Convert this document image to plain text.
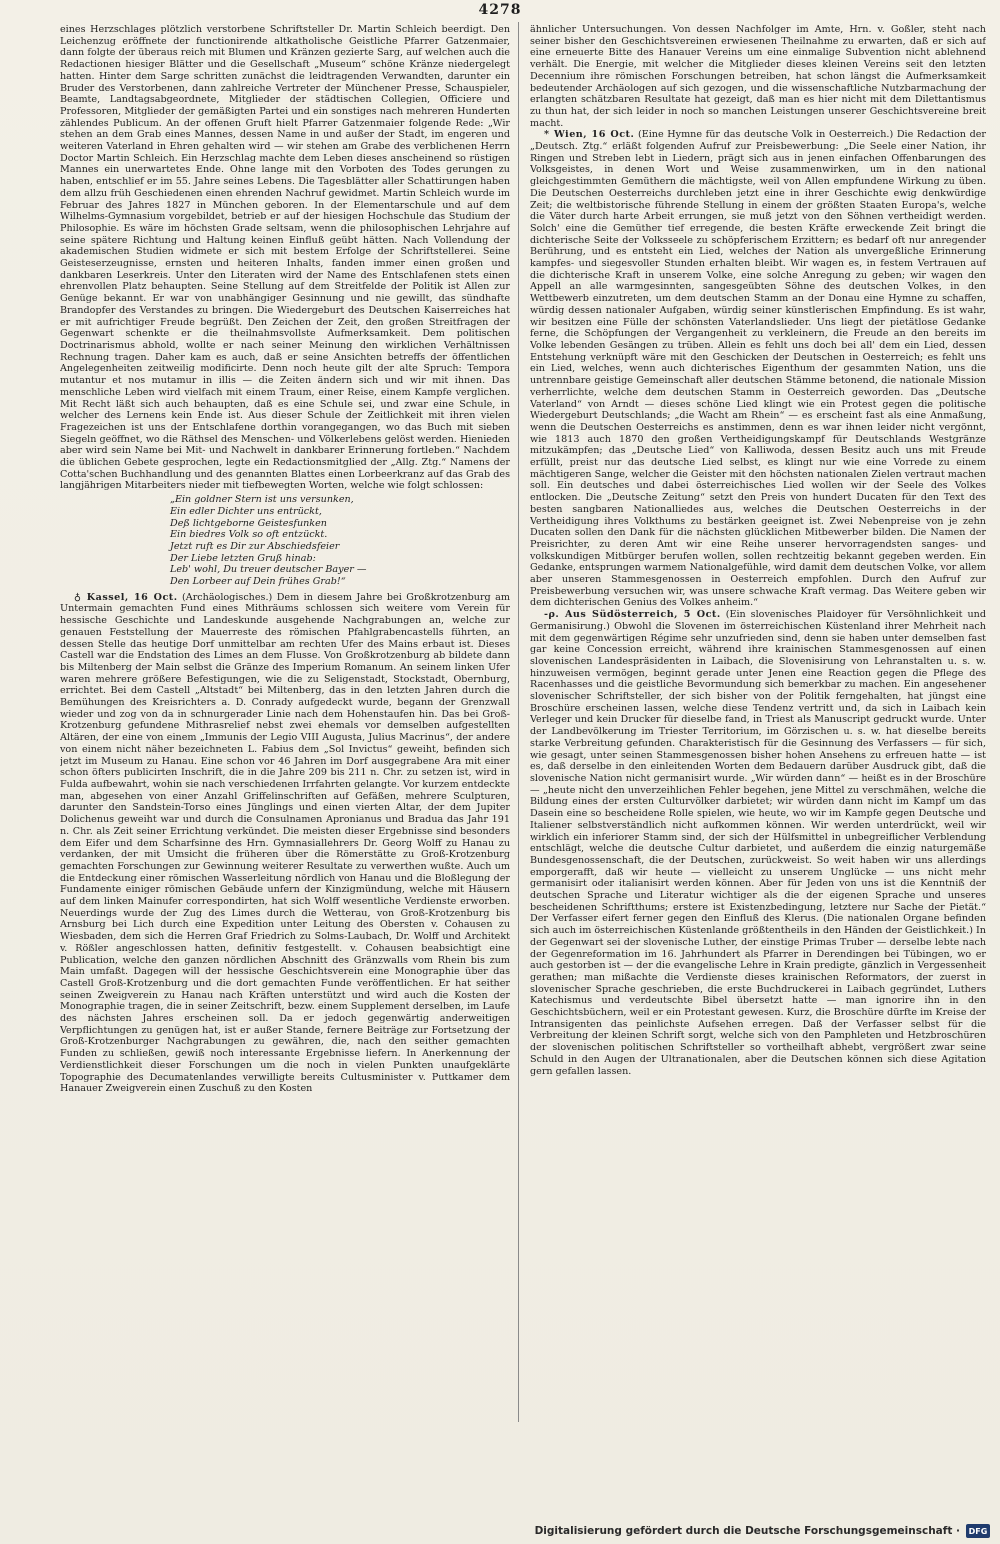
4278

eines Herzschlages plötzlich verstorbene Schriftsteller Dr. Martin Schleich beerdigt. Den Leichenzug eröffnete der functionirende altkatholische Geistliche Pfarrer Gatzenmaier, dann folgte der überaus reich mit Blumen und Kränzen gezierte Sarg, auf welchen auch die Redactionen hiesiger Blätter und die Gesellschaft „Museum“ schöne Kränze niedergelegt hatten. Hinter dem Sarge schritten zunächst die leidtragenden Verwandten, darunter ein Bruder des Verstorbenen, dann zahlreiche Vertreter der Münchener Presse, Schauspieler, Beamte, Landtagsabgeordnete, Mitglieder der städtischen Collegien, Officiere und Professoren, Mitglieder der gemäßigten Partei und ein sonstiges nach mehreren Hunderten zählendes Publicum. An der offenen Gruft hielt Pfarrer Gatzenmaier folgende Rede: „Wir stehen an dem Grab eines Mannes, dessen Name in und außer der Stadt, im engeren und weiteren Vaterland in Ehren gehalten wird — wir stehen am Grabe des verblichenen Herrn Doctor Martin Schleich. Ein Herzschlag machte dem Leben dieses anscheinend so rüstigen Mannes ein unerwartetes Ende. Ohne lange mit den Vorboten des Todes gerungen zu haben, entschlief er im 55. Jahre seines Lebens. Die Tagesblätter aller Schattirungen haben dem allzu früh Geschiedenen einen ehrenden Nachruf gewidmet. Martin Schleich wurde im Februar des Jahres 1827 in München geboren. In der Elementarschule und auf dem Wilhelms-Gymnasium vorgebildet, betrieb er auf der hiesigen Hochschule das Studium der Philosophie. Es wäre im höchsten Grade seltsam, wenn die philosophischen Lehrjahre auf seine spätere Richtung und Haltung keinen Einfluß geübt hätten. Nach Vollendung der akademischen Studien widmete er sich mit bestem Erfolge der Schriftstellerei. Seine Geisteserzeugnisse, ernsten und heiteren Inhalts, fanden immer einen großen und dankbaren Leserkreis. Unter den Literaten wird der Name des Entschlafenen stets einen ehrenvollen Platz behaupten. Seine Stellung auf dem Streitfelde der Politik ist Allen zur Genüge bekannt. Er war von unabhängiger Gesinnung und nie gewillt, das sündhafte Brandopfer des Verstandes zu bringen. Die Wiedergeburt des Deutschen Kaiserreiches hat er mit aufrichtiger Freude begrüßt. Den Zeichen der Zeit, den großen Streitfragen der Gegenwart schenkte er die theilnahmsvollste Aufmerksamkeit. Dem politischen Doctrinarismus abhold, wollte er nach seiner Meinung den wirklichen Verhältnissen Rechnung tragen. Daher kam es auch, daß er seine Ansichten betreffs der öffentlichen Angelegenheiten zeitweilig modificirte. Denn noch heute gilt der alte Spruch: Tempora mutantur et nos mutamur in illis — die Zeiten ändern sich und wir mit ihnen. Das menschliche Leben wird vielfach mit einem Traum, einer Reise, einem Kampfe verglichen. Mit Recht läßt sich auch behaupten, daß es eine Schule sei, und zwar eine Schule, in welcher des Lernens kein Ende ist. Aus dieser Schule der Zeitlichkeit mit ihren vielen Fragezeichen ist uns der Entschlafene dorthin vorangegangen, wo das Buch mit sieben Siegeln geöffnet, wo die Räthsel des Menschen- und Völkerlebens gelöst werden. Hienieden aber wird sein Name bei Mit- und Nachwelt in dankbarer Erinnerung fortleben.“ Nachdem die üblichen Gebete gesprochen, legte ein Redactionsmitglied der „Allg. Ztg.“ Namens der Cotta'schen Buchhandlung und des genannten Blattes einen Lorbeerkranz auf das Grab des langjährigen Mitarbeiters nieder mit tiefbewegten Worten, welche wie folgt schlossen:

„Ein goldner Stern ist uns versunken,
Ein edler Dichter uns entrückt,
Deß lichtgeborne Geistesfunken
Ein biedres Volk so oft entzückt.
Jetzt ruft es Dir zur Abschiedsfeier
Der Liebe letzten Gruß hinab:
Leb' wohl, Du treuer deutscher Bayer —
Den Lorbeer auf Dein frühes Grab!“

♁ Kassel, 16 Oct. (Archäologisches.) Dem in diesem Jahre bei Großkrotzenburg am Untermain gemachten Fund eines Mithräums schlossen sich weitere vom Verein für hessische Geschichte und Landeskunde ausgehende Nachgrabungen an, welche zur genauen Feststellung der Mauerreste des römischen Pfahlgrabencastells führten, an dessen Stelle das heutige Dorf unmittelbar am rechten Ufer des Mains erbaut ist. Dieses Castell war die Endstation des Limes an dem Flusse. Von Großkrotzenburg ab bildete dann bis Miltenberg der Main selbst die Gränze des Imperium Romanum. An seinem linken Ufer waren mehrere größere Befestigungen, wie die zu Seligenstadt, Stockstadt, Obernburg, errichtet. Bei dem Castell „Altstadt“ bei Miltenberg, das in den letzten Jahren durch die Bemühungen des Kreisrichters a. D. Conrady aufgedeckt wurde, begann der Grenzwall wieder und zog von da in schnurgerader Linie nach dem Hohenstaufen hin. Das bei Groß-Krotzenburg gefundene Mithrasrelief nebst zwei ehemals vor demselben aufgestellten Altären, der eine von einem „Immunis der Legio VIII Augusta, Julius Macrinus“, der andere von einem nicht näher bezeichneten L. Fabius dem „Sol Invictus“ geweiht, befinden sich jetzt im Museum zu Hanau. Eine schon vor 46 Jahren im Dorf ausgegrabene Ara mit einer schon öfters publicirten Inschrift, die in die Jahre 209 bis 211 n. Chr. zu setzen ist, wird in Fulda aufbewahrt, wohin sie nach verschiedenen Irrfahrten gelangte. Vor kurzem entdeckte man, abgesehen von einer Anzahl Griffelinschriften auf Gefäßen, mehrere Sculpturen, darunter den Sandstein-Torso eines Jünglings und einen vierten Altar, der dem Jupiter Dolichenus geweiht war und durch die Consulnamen Apronianus und Bradua das Jahr 191 n. Chr. als Zeit seiner Errichtung verkündet. Die meisten dieser Ergebnisse sind besonders dem Eifer und dem Scharfsinne des Hrn. Gymnasiallehrers Dr. Georg Wolff zu Hanau zu verdanken, der mit Umsicht die früheren über die Römerstätte zu Groß-Krotzenburg gemachten Forschungen zur Gewinnung weiterer Resultate zu verwerthen wußte. Auch um die Entdeckung einer römischen Wasserleitung nördlich von Hanau und die Bloßlegung der Fundamente einiger römischen Gebäude unfern der Kinzigmündung, welche mit Häusern auf dem linken Mainufer correspondirten, hat sich Wolff wesentliche Verdienste erworben. Neuerdings wurde der Zug des Limes durch die Wetterau, von Groß-Krotzenburg bis Arnsburg bei Lich durch eine Expedition unter Leitung des Obersten v. Cohausen zu Wiesbaden, dem sich die Herren Graf Friedrich zu Solms-Laubach, Dr. Wolff und Architekt v. Rößler angeschlossen hatten, definitiv festgestellt. v. Cohausen beabsichtigt eine Publication, welche den ganzen nördlichen Abschnitt des Gränzwalls vom Rhein bis zum Main umfaßt. Dagegen will der hessische Geschichtsverein eine Monographie über das Castell Groß-Krotzenburg und die dort gemachten Funde veröffentlichen. Er hat seither seinen Zweigverein zu Hanau nach Kräften unterstützt und wird auch die Kosten der Monographie tragen, die in seiner Zeitschrift, bezw. einem Supplement derselben, im Laufe des nächsten Jahres erscheinen soll. Da er jedoch gegenwärtig anderweitigen Verpflichtungen zu genügen hat, ist er außer Stande, fernere Beiträge zur Fortsetzung der Groß-Krotzenburger Nachgrabungen zu gewähren, die, nach den seither gemachten Funden zu schließen, gewiß noch interessante Ergebnisse liefern. In Anerkennung der Verdienstlichkeit dieser Forschungen um die noch in vielen Punkten unaufgeklärte Topographie des Decumatenlandes verwilligte bereits Cultusminister v. Puttkamer dem Hanauer Zweigverein einen Zuschuß zu den Kosten

ähnlicher Untersuchungen. Von dessen Nachfolger im Amte, Hrn. v. Goßler, steht nach seiner bisher den Geschichtsvereinen erwiesenen Theilnahme zu erwarten, daß er sich auf eine erneuerte Bitte des Hanauer Vereins um eine einmalige Subvention nicht ablehnend verhält. Die Energie, mit welcher die Mitglieder dieses kleinen Vereins seit den letzten Decennium ihre römischen Forschungen betreiben, hat schon längst die Aufmerksamkeit bedeutender Archäologen auf sich gezogen, und die wissenschaftliche Nutzbarmachung der erlangten schätzbaren Resultate hat gezeigt, daß man es hier nicht mit dem Dilettantismus zu thun hat, der sich leider in noch so manchen Leistungen unserer Geschichtsvereine breit macht.

* Wien, 16 Oct. (Eine Hymne für das deutsche Volk in Oesterreich.) Die Redaction der „Deutsch. Ztg.“ erläßt folgenden Aufruf zur Preisbewerbung: „Die Seele einer Nation, ihr Ringen und Streben lebt in Liedern, prägt sich aus in jenen einfachen Offenbarungen des Volksgeistes, in denen Wort und Weise zusammenwirken, um in den national gleichgestimmten Gemüthern die mächtigste, weil von Allen empfundene Wirkung zu üben. Die Deutschen Oesterreichs durchleben jetzt eine in ihrer Geschichte ewig denkwürdige Zeit; die weltbistorische führende Stellung in einem der größten Staaten Europa's, welche die Väter durch harte Arbeit errungen, sie muß jetzt von den Söhnen vertheidigt werden. Solch' eine die Gemüther tief erregende, die besten Kräfte erweckende Zeit bringt die dichterische Seite der Volksseele zu schöpferischem Erzittern; es bedarf oft nur anregender Berührung, und es entsteht ein Lied, welches der Nation als unvergeßliche Erinnerung kampfes- und siegesvoller Stunden erhalten bleibt. Wir wagen es, in festem Vertrauen auf die dichterische Kraft in unserem Volke, eine solche Anregung zu geben; wir wagen den Appell an alle warmgesinnten, sangesgeübten Söhne des deutschen Volkes, in den Wettbewerb einzutreten, um dem deutschen Stamm an der Donau eine Hymne zu schaffen, würdig dessen nationaler Aufgaben, würdig seiner künstlerischen Empfindung. Es ist wahr, wir besitzen eine Fülle der schönsten Vaterlandslieder. Uns liegt der pietätlose Gedanke ferne, die Schöpfungen der Vergangenheit zu verkleinern, die Freude an den bereits im Volke lebenden Gesängen zu trüben. Allein es fehlt uns doch bei all' dem ein Lied, dessen Entstehung verknüpft wäre mit den Geschicken der Deutschen in Oesterreich; es fehlt uns ein Lied, welches, wenn auch dichterisches Eigenthum der gesammten Nation, uns die untrennbare geistige Gemeinschaft aller deutschen Stämme betonend, die nationale Mission verherrlichte, welche dem deutschen Stamm in Oesterreich geworden. Das „Deutsche Vaterland“ von Arndt — dieses schöne Lied klingt wie ein Protest gegen die politische Wiedergeburt Deutschlands; „die Wacht am Rhein“ — es erscheint fast als eine Anmaßung, wenn die Deutschen Oesterreichs es anstimmen, denn es war ihnen leider nicht vergönnt, wie 1813 auch 1870 den großen Vertheidigungskampf für Deutschlands Westgränze mitzukämpfen; das „Deutsche Lied“ von Kalliwoda, dessen Besitz auch uns mit Freude erfüllt, preist nur das deutsche Lied selbst, es klingt nur wie eine Vorrede zu einem mächtigeren Sange, welcher die Geister mit den höchsten nationalen Zielen vertraut machen soll. Ein deutsches und dabei österreichisches Lied wollen wir der Seele des Volkes entlocken. Die „Deutsche Zeitung“ setzt den Preis von hundert Ducaten für den Text des besten sangbaren Nationalliedes aus, welches die Deutschen Oesterreichs in der Vertheidigung ihres Volkthums zu bestärken geeignet ist. Zwei Nebenpreise von je zehn Ducaten sollen den Dank für die nächsten glücklichen Mitbewerber bilden. Die Namen der Preisrichter, zu deren Amt wir eine Reihe unserer hervorragendsten sanges- und volkskundigen Mitbürger berufen wollen, sollen rechtzeitig bekannt gegeben werden. Ein Gedanke, entsprungen warmem Nationalgefühle, wird damit dem deutschen Volke, vor allem aber unseren Stammesgenossen in Oesterreich empfohlen. Durch den Aufruf zur Preisbewerbung versuchen wir, was unsere schwache Kraft vermag. Das Weitere geben wir dem dichterischen Genius des Volkes anheim.“

-ρ. Aus Südösterreich, 5 Oct. (Ein slovenisches Plaidoyer für Versöhnlichkeit und Germanisirung.) Obwohl die Slovenen im österreichischen Küstenland ihrer Mehrheit nach mit dem gegenwärtigen Régime sehr unzufrieden sind, denn sie haben unter demselben fast gar keine Concession erreicht, während ihre krainischen Stammesgenossen auf einen slovenischen Landespräsidenten in Laibach, die Slovenisirung von Lehranstalten u. s. w. hinzuweisen vermögen, beginnt gerade unter Jenen eine Reaction gegen die Pflege des Racenhasses und die geistliche Bevormundung sich bemerkbar zu machen. Ein angesehener slovenischer Schriftsteller, der sich bisher von der Politik ferngehalten, hat jüngst eine Broschüre erscheinen lassen, welche diese Tendenz vertritt und, da sich in Laibach kein Verleger und kein Drucker für dieselbe fand, in Triest als Manuscript gedruckt wurde. Unter der Landbevölkerung im Triester Territorium, im Görzischen u. s. w. hat dieselbe bereits starke Verbreitung gefunden. Charakteristisch für die Gesinnung des Verfassers — für sich, wie gesagt, unter seinen Stammesgenossen bisher hohen Ansehens zu erfreuen hatte — ist es, daß derselbe in den einleitenden Worten dem Bedauern darüber Ausdruck gibt, daß die slovenische Nation nicht germanisirt wurde. „Wir würden dann“ — heißt es in der Broschüre — „heute nicht den unverzeihlichen Fehler begehen, jene Mittel zu verschmähen, welche die Bildung eines der ersten Culturvölker darbietet; wir würden dann nicht im Kampf um das Dasein eine so bescheidene Rolle spielen, wie heute, wo wir im Kampfe gegen Deutsche und Italiener selbstverständlich nicht aufkommen können. Wir werden unterdrückt, weil wir wirklich ein inferiorer Stamm sind, der sich der Hülfsmittel in unbegreiflicher Verblendung entschlägt, welche die deutsche Cultur darbietet, und außerdem die einzig naturgemäße Bundesgenossenschaft, die der Deutschen, zurückweist. So weit haben wir uns allerdings emporgerafft, daß wir heute — vielleicht zu unserem Unglücke — uns nicht mehr germanisirt oder italianisirt werden können. Aber für Jeden von uns ist die Kenntniß der deutschen Sprache und Literatur wichtiger als die der eigenen Sprache und unseres bescheidenen Schriftthums; erstere ist Existenzbedingung, letztere nur Sache der Pietät.“ Der Verfasser eifert ferner gegen den Einfluß des Klerus. (Die nationalen Organe befinden sich auch im österreichischen Küstenlande größtentheils in den Händen der Geistlichkeit.) In der Gegenwart sei der slovenische Luther, der einstige Primas Truber — derselbe lebte nach der Gegenreformation im 16. Jahrhundert als Pfarrer in Derendingen bei Tübingen, wo er auch gestorben ist — der die evangelische Lehre in Krain predigte, gänzlich in Vergessenheit gerathen; man mißachte die Verdienste dieses krainischen Reformators, der zuerst in slovenischer Sprache geschrieben, die erste Buchdruckerei in Laibach gegründet, Luthers Katechismus und verdeutschte Bibel übersetzt hatte — man ignorire ihn in den Geschichtsbüchern, weil er ein Protestant gewesen. Kurz, die Broschüre dürfte im Kreise der Intransigenten das peinlichste Aufsehen erregen. Daß der Verfasser selbst für die Verbreitung der kleinen Schrift sorgt, welche sich von den Pamphleten und Hetzbroschüren der slovenischen politischen Schriftsteller so vortheilhaft abhebt, vergrößert zwar seine Schuld in den Augen der Ultranationalen, aber die Deutschen können sich diese Agitation gern gefallen lassen.

Digitalisierung gefördert durch die Deutsche Forschungsgemeinschaft ·	DFG
